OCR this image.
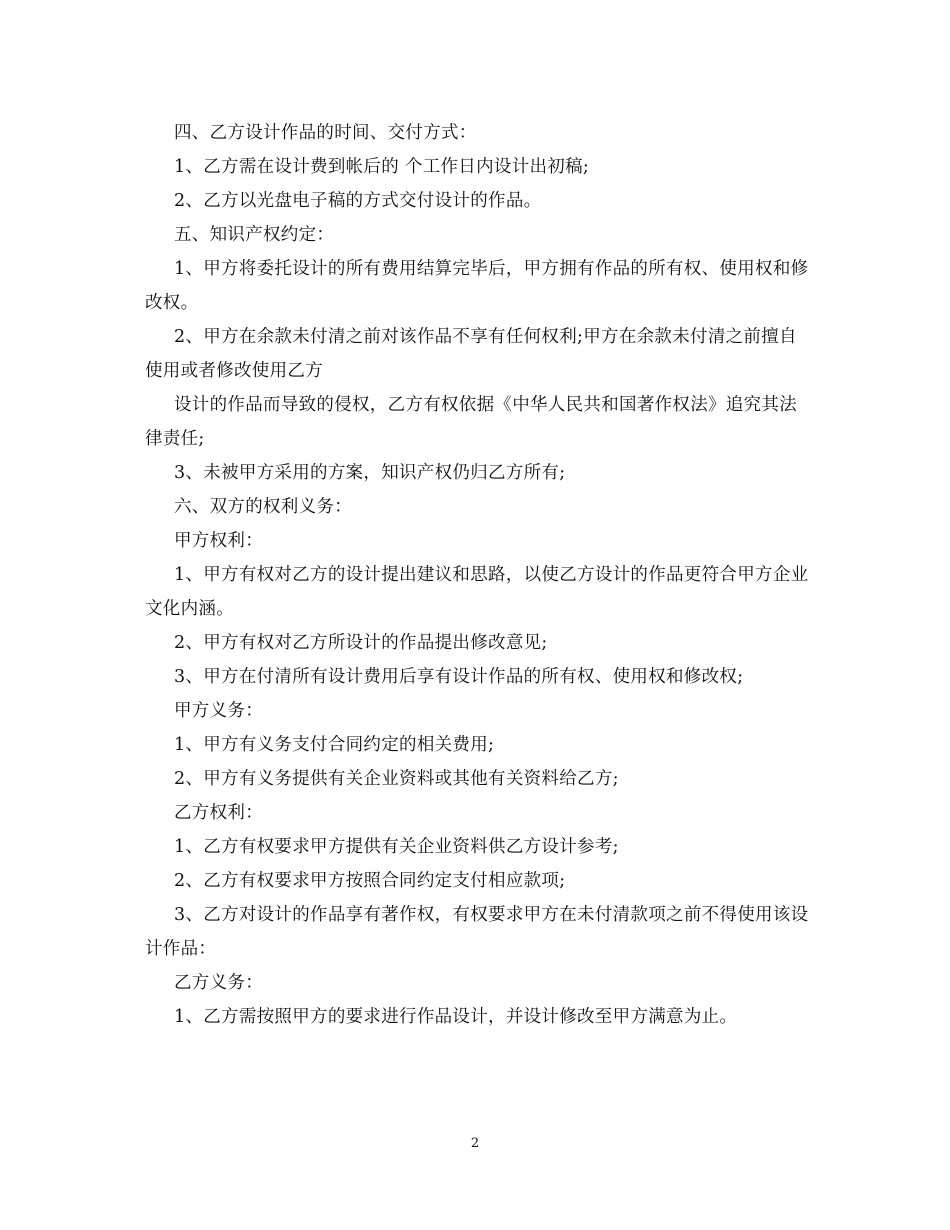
四、乙方设计作品的时间、交付方式：

1、乙方需在设计费到帐后的 个工作日内设计出初稿;

2、乙方以光盘电子稿的方式交付设计的作品。

五、知识产权约定：

1、甲方将委托设计的所有费用结算完毕后，甲方拥有作品的所有权、使用权和修改权。

2、甲方在余款未付清之前对该作品不享有任何权利;甲方在余款未付清之前擅自使用或者修改使用乙方

设计的作品而导致的侵权，乙方有权依据《中华人民共和国著作权法》追究其法律责任;

3、未被甲方采用的方案，知识产权仍归乙方所有;

六、双方的权利义务：

甲方权利：

1、甲方有权对乙方的设计提出建议和思路，以使乙方设计的作品更符合甲方企业文化内涵。

2、甲方有权对乙方所设计的作品提出修改意见;

3、甲方在付清所有设计费用后享有设计作品的所有权、使用权和修改权;

甲方义务：

1、甲方有义务支付合同约定的相关费用;

2、甲方有义务提供有关企业资料或其他有关资料给乙方;

乙方权利：

1、乙方有权要求甲方提供有关企业资料供乙方设计参考;

2、乙方有权要求甲方按照合同约定支付相应款项;

3、乙方对设计的作品享有著作权，有权要求甲方在未付清款项之前不得使用该设计作品：

乙方义务：

1、乙方需按照甲方的要求进行作品设计，并设计修改至甲方满意为止。

2
